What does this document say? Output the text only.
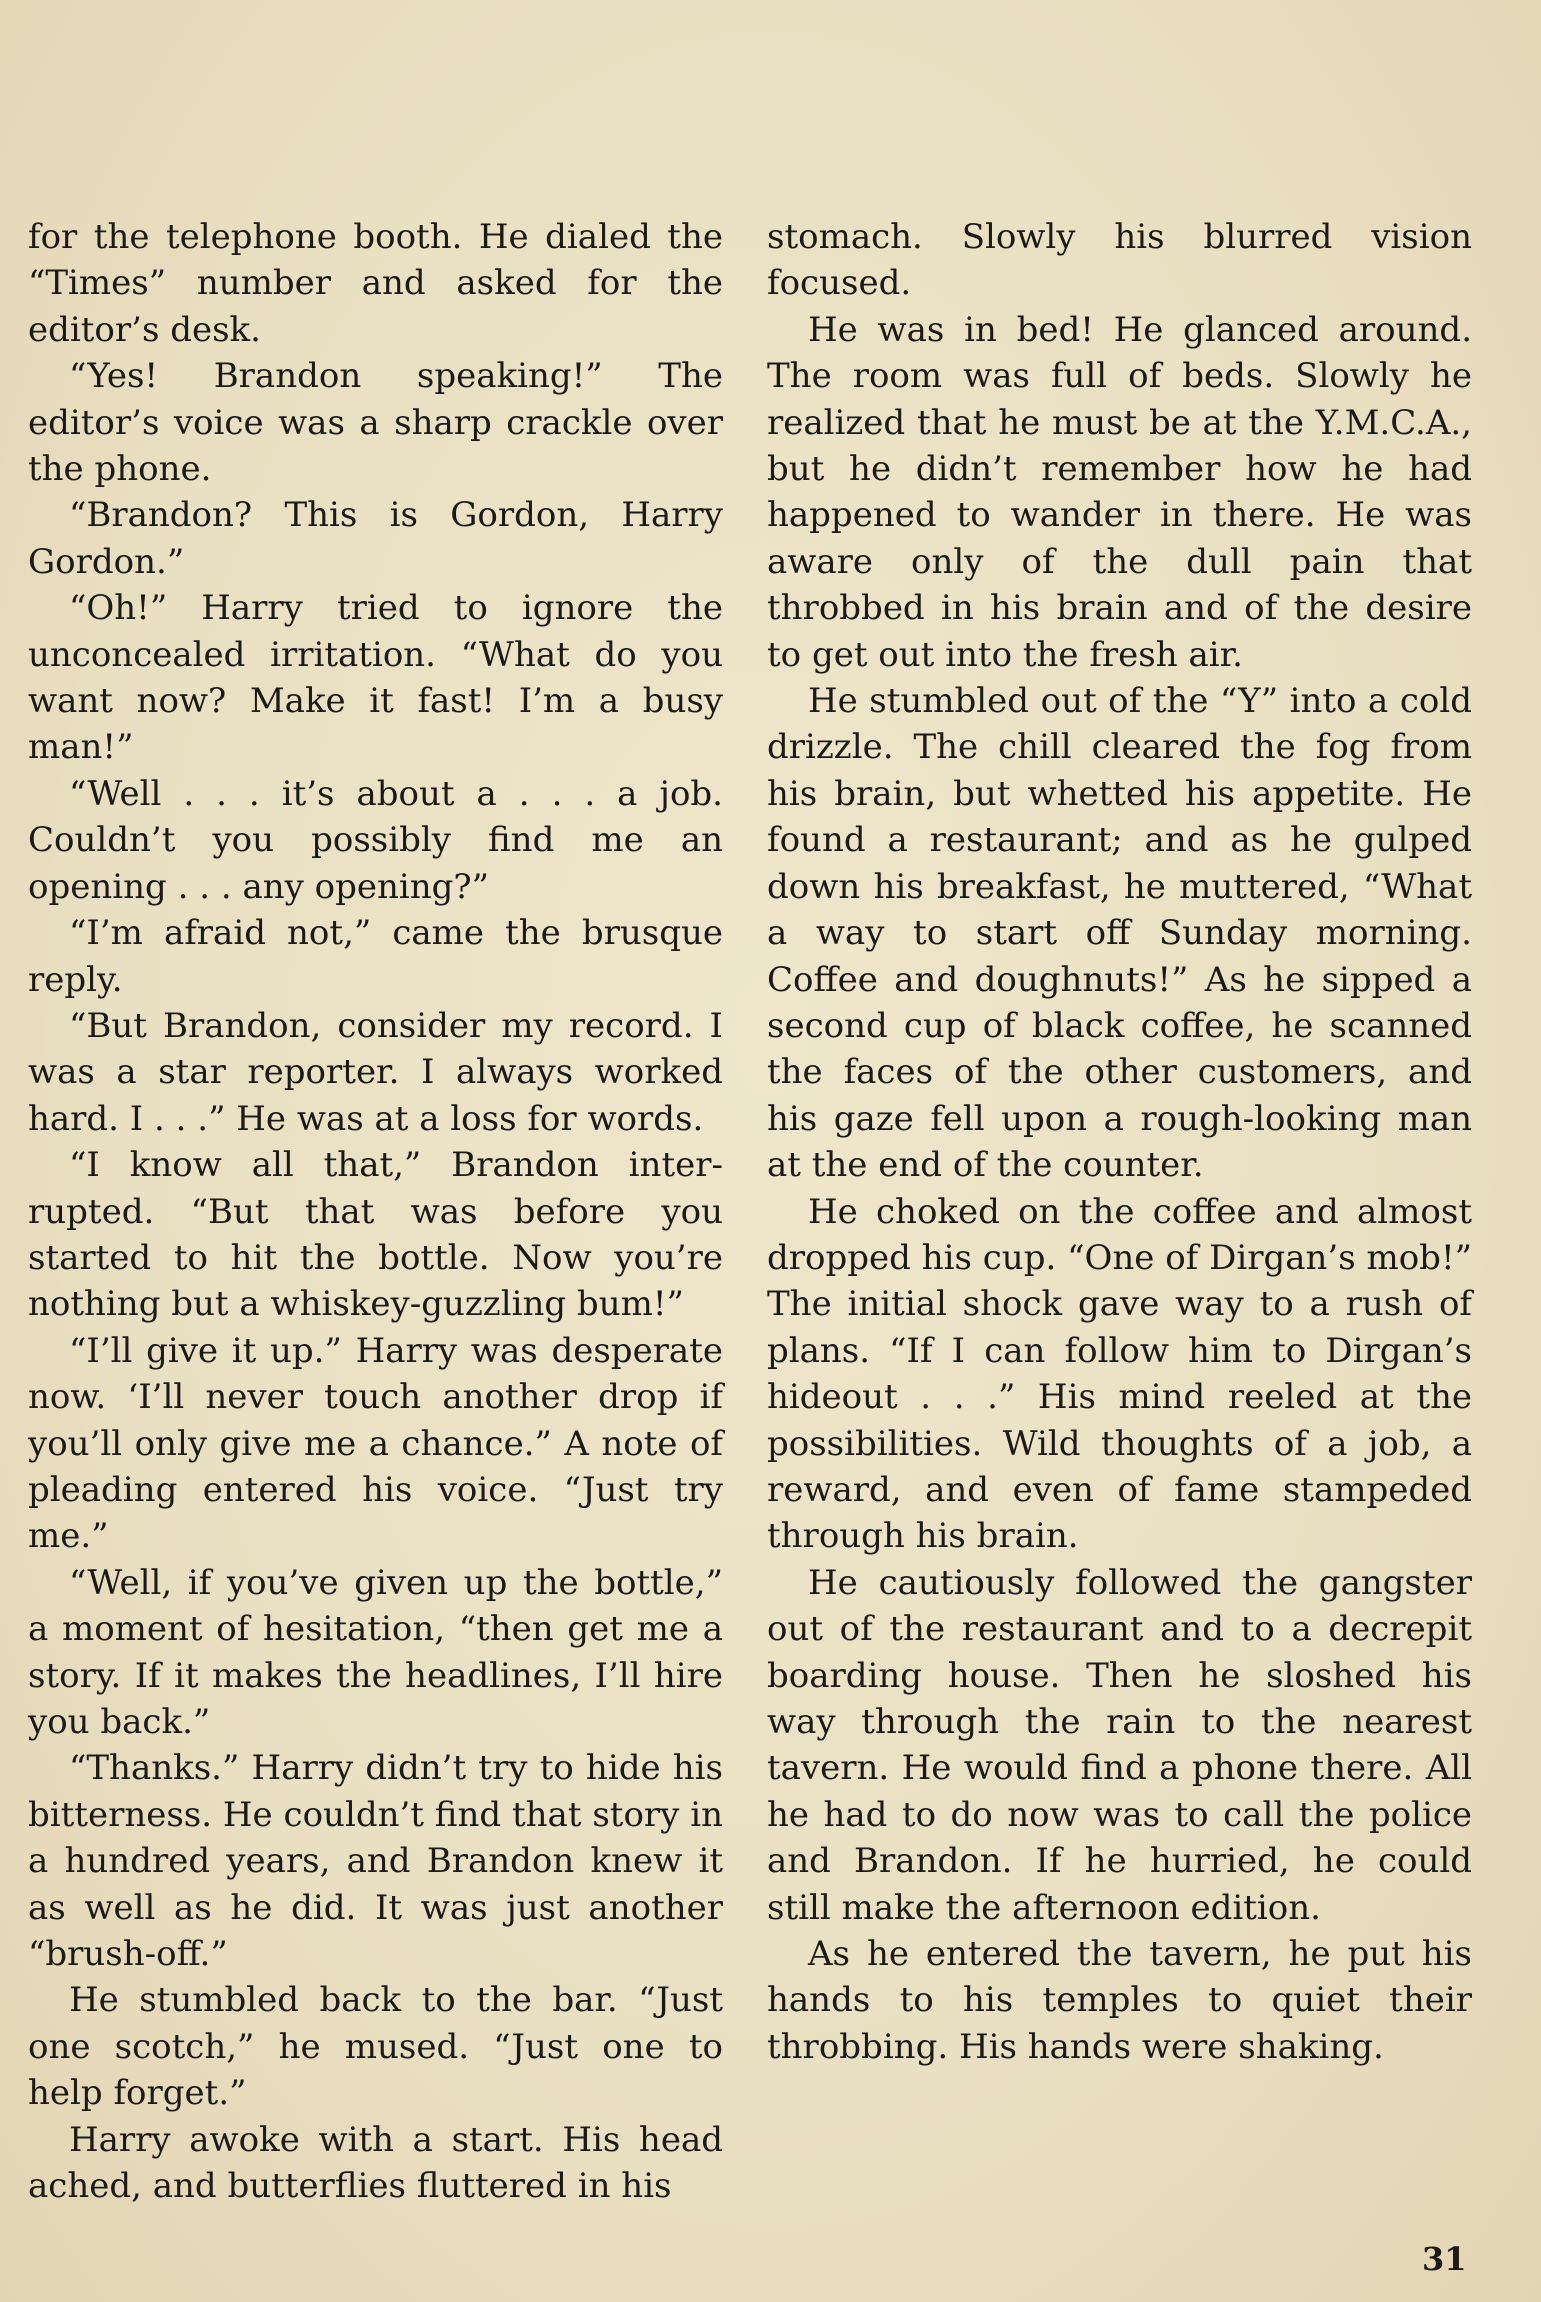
for the telephone booth. He dialed the “Times” number and asked for the editor’s desk.

“Yes! Brandon speaking!” The editor’s voice was a sharp crackle over the phone.

“Brandon? This is Gordon, Harry Gordon.”

“Oh!” Harry tried to ignore the unconcealed irritation. “What do you want now? Make it fast! I’m a busy man!”

“Well . . . it’s about a . . . a job. Couldn’t you possibly find me an opening . . . any opening?”

“I’m afraid not,” came the brusque reply.

“But Brandon, consider my record. I was a star reporter. I always worked hard. I . . .” He was at a loss for words.

“I know all that,” Brandon interrupted. “But that was before you started to hit the bottle. Now you’re nothing but a whiskey-guzzling bum!”

“I’ll give it up.” Harry was desperate now. ‘I’ll never touch another drop if you’ll only give me a chance.” A note of pleading entered his voice. “Just try me.”

“Well, if you’ve given up the bottle,” a moment of hesitation, “then get me a story. If it makes the headlines, I’ll hire you back.”

“Thanks.” Harry didn’t try to hide his bitterness. He couldn’t find that story in a hundred years, and Brandon knew it as well as he did. It was just another “brush-off.”

He stumbled back to the bar. “Just one scotch,” he mused. “Just one to help forget.”

Harry awoke with a start. His head ached, and butterflies fluttered in his

stomach. Slowly his blurred vision focused.

He was in bed! He glanced around. The room was full of beds. Slowly he realized that he must be at the Y.M.C.A., but he didn’t remember how he had happened to wander in there. He was aware only of the dull pain that throbbed in his brain and of the desire to get out into the fresh air.

He stumbled out of the “Y” into a cold drizzle. The chill cleared the fog from his brain, but whetted his appetite. He found a restaurant; and as he gulped down his breakfast, he muttered, “What a way to start off Sunday morning. Coffee and doughnuts!” As he sipped a second cup of black coffee, he scanned the faces of the other customers, and his gaze fell upon a rough-looking man at the end of the counter.

He choked on the coffee and almost dropped his cup. “One of Dirgan’s mob!” The initial shock gave way to a rush of plans. “If I can follow him to Dirgan’s hideout . . .” His mind reeled at the possibilities. Wild thoughts of a job, a reward, and even of fame stampeded through his brain.

He cautiously followed the gangster out of the restaurant and to a decrepit boarding house. Then he sloshed his way through the rain to the nearest tavern. He would find a phone there. All he had to do now was to call the police and Brandon. If he hurried, he could still make the afternoon edition.

As he entered the tavern, he put his hands to his temples to quiet their throbbing. His hands were shaking.

31
